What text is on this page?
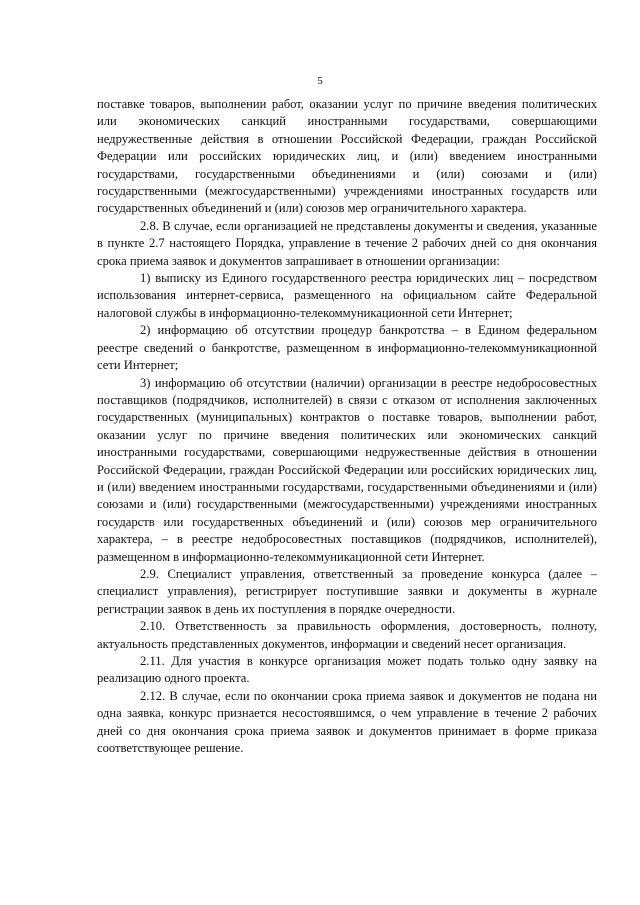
5

поставке товаров, выполнении работ, оказании услуг по причине введения политических или экономических санкций иностранными государствами, совершающими недружественные действия в отношении Российской Федерации, граждан Российской Федерации или российских юридических лиц, и (или) введением иностранными государствами, государственными объединениями и (или) союзами и (или) государственными (межгосударственными) учреждениями иностранных государств или государственных объединений и (или) союзов мер ограничительного характера.

2.8. В случае, если организацией не представлены документы и сведения, указанные в пункте 2.7 настоящего Порядка, управление в течение 2 рабочих дней со дня окончания срока приема заявок и документов запрашивает в отношении организации:

1) выписку из Единого государственного реестра юридических лиц – посредством использования интернет-сервиса, размещенного на официальном сайте Федеральной налоговой службы в информационно-телекоммуникационной сети Интернет;

2) информацию об отсутствии процедур банкротства – в Едином федеральном реестре сведений о банкротстве, размещенном в информационно-телекоммуникационной сети Интернет;

3) информацию об отсутствии (наличии) организации в реестре недобросовестных поставщиков (подрядчиков, исполнителей) в связи с отказом от исполнения заключенных государственных (муниципальных) контрактов о поставке товаров, выполнении работ, оказании услуг по причине введения политических или экономических санкций иностранными государствами, совершающими недружественные действия в отношении Российской Федерации, граждан Российской Федерации или российских юридических лиц, и (или) введением иностранными государствами, государственными объединениями и (или) союзами и (или) государственными (межгосударственными) учреждениями иностранных государств или государственных объединений и (или) союзов мер ограничительного характера, – в реестре недобросовестных поставщиков (подрядчиков, исполнителей), размещенном в информационно-телекоммуникационной сети Интернет.

2.9. Специалист управления, ответственный за проведение конкурса (далее – специалист управления), регистрирует поступившие заявки и документы в журнале регистрации заявок в день их поступления в порядке очередности.

2.10. Ответственность за правильность оформления, достоверность, полноту, актуальность представленных документов, информации и сведений несет организация.

2.11. Для участия в конкурсе организация может подать только одну заявку на реализацию одного проекта.

2.12. В случае, если по окончании срока приема заявок и документов не подана ни одна заявка, конкурс признается несостоявшимся, о чем управление в течение 2 рабочих дней со дня окончания срока приема заявок и документов принимает в форме приказа соответствующее решение.
